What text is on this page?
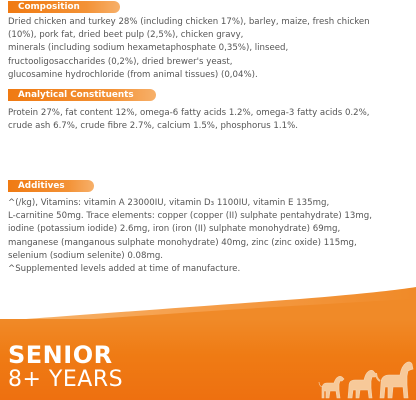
Composition
Dried chicken and turkey 28% (including chicken 17%), barley, maize, fresh chicken
(10%), pork fat, dried beet pulp (2,5%), chicken gravy,
minerals (including sodium hexametaphosphate 0,35%), linseed,
fructooligosaccharides (0,2%), dried brewer's yeast,
glucosamine hydrochloride (from animal tissues) (0,04%).
Analytical Constituents
Protein 27%, fat content 12%, omega-6 fatty acids 1.2%, omega-3 fatty acids 0.2%,
crude ash 6.7%, crude fibre 2.7%, calcium 1.5%, phosphorus 1.1%.
Additives
^(/kg), Vitamins: vitamin A 23000IU, vitamin D₃ 1100IU, vitamin E 135mg,
L-carnitine 50mg. Trace elements: copper (copper (II) sulphate pentahydrate) 13mg,
iodine (potassium iodide) 2.6mg, iron (iron (II) sulphate monohydrate) 69mg,
manganese (manganous sulphate monohydrate) 40mg, zinc (zinc oxide) 115mg,
selenium (sodium selenite) 0.08mg.
^Supplemented levels added at time of manufacture.
SENIOR
8+ YEARS
